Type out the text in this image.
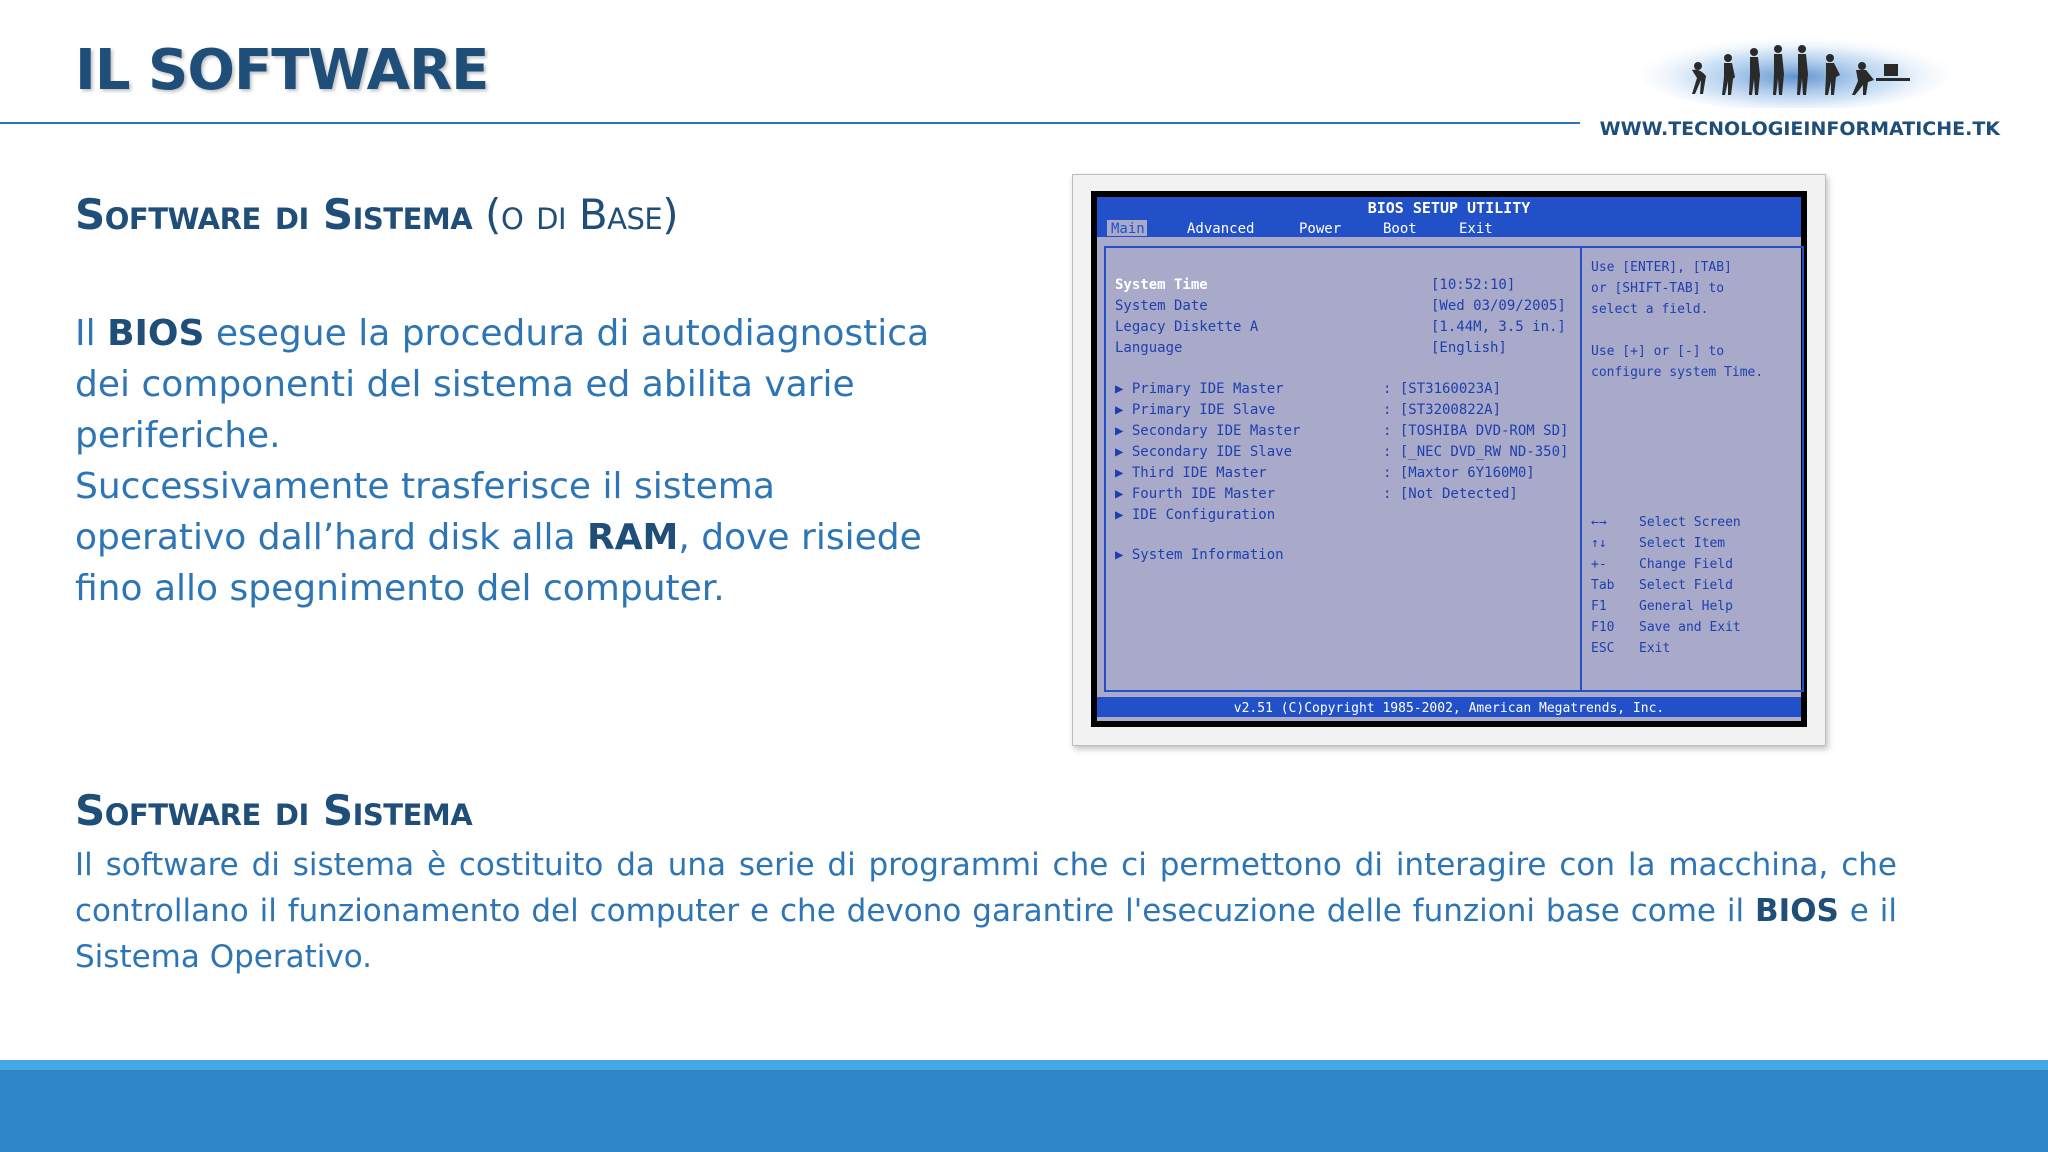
IL SOFTWARE
WWW.TECNOLOGIEINFORMATICHE.TK
Software di Sistema (o di Base)

Il BIOS esegue la procedura di autodiagnostica dei componenti del sistema ed abilita varie periferiche.
Successivamente trasferisce il sistema operativo dall’hard disk alla RAM, dove risiede fino allo spegnimento del computer.

BIOS SETUP UTILITY
Main	Advanced	Power	Boot	Exit
System Time	[10:52:10]
System Date	[Wed 03/09/2005]
Legacy Diskette A	[1.44M, 3.5 in.]
Language	[English]
▶ Primary IDE Master	: [ST3160023A]
▶ Primary IDE Slave	: [ST3200822A]
▶ Secondary IDE Master	: [TOSHIBA DVD-ROM SD]
▶ Secondary IDE Slave	: [_NEC DVD_RW ND-350]
▶ Third IDE Master	: [Maxtor 6Y160M0]
▶ Fourth IDE Master	: [Not Detected]
▶ IDE Configuration
▶ System Information
Use [ENTER], [TAB]
or [SHIFT-TAB] to
select a field.
Use [+] or [-] to
configure system Time.
←→ Select Screen
↑↓ Select Item
+- Change Field
Tab Select Field
F1 General Help
F10 Save and Exit
ESC Exit
v2.51 (C)Copyright 1985-2002, American Megatrends, Inc.
Software di Sistema

Il software di sistema è costituito da una serie di programmi che ci permettono di interagire con la macchina, che controllano il funzionamento del computer e che devono garantire l'esecuzione delle funzioni base come il BIOS e il Sistema Operativo.
